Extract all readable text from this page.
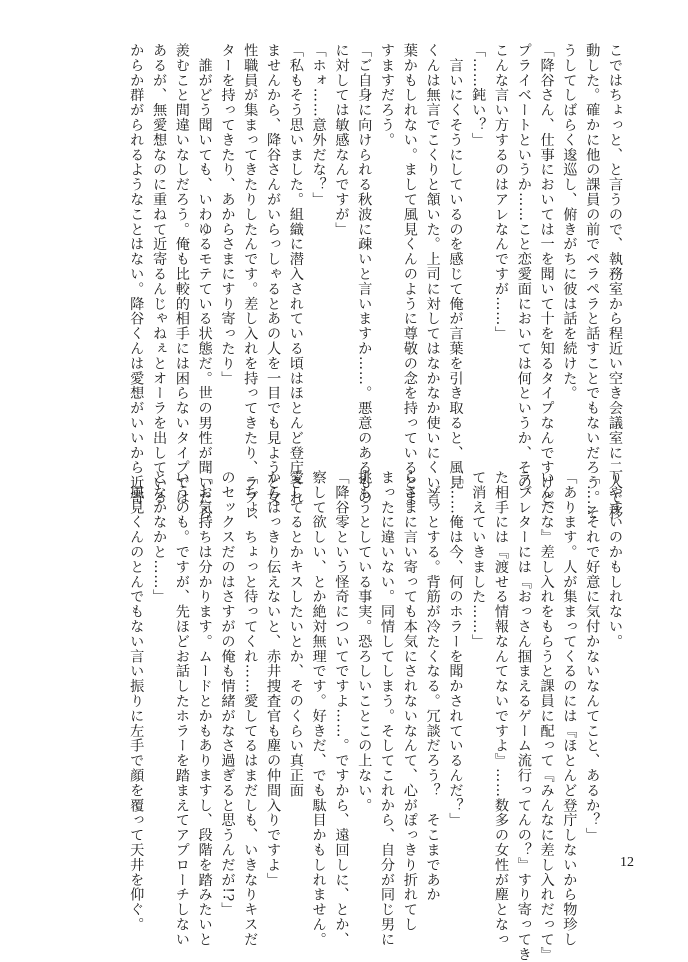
こではちょっと、と言うので、執務室から程近い空き会議室に二人で移
動した。確かに他の課員の前でペラペラと話すことでもないだろう。そ
うしてしばらく逡巡し、俯きがちに彼は話を続けた。
「降谷さん、仕事においては一を聞いて十を知るタイプなんですけど、
プライベートというか……こと恋愛面においては何というか、その、
こんな言い方するのはアレなんですが……」
「……鈍い？」
　言いにくそうにしているのを感じて俺が言葉を引き取ると、風見
くんは無言でこくりと頷いた。上司に対してはなかなか使いにくい言
葉かもしれない。まして風見くんのように尊敬の念を持っているとま
すますだろう。
「ご自身に向けられる秋波に疎いと言いますか……。悪意のあるもの
に対しては敏感なんですが」
「ホォ……意外だな？」
「私もそう思いました。組織に潜入されている頃はほとんど登庁され
ませんから、降谷さんがいらっしゃるとあの人を一目でも見ようと女
性職員が集まってきたりしたんです。差し入れを持ってきたり、ラブレ
ターを持ってきたり、あからさまにすり寄ったり」
　誰がどう聞いても、いわゆるモテている状態だ。世の男性が聞いたら
羨むこと間違いなしだろう。俺も比較的相手には困らないタイプでは
あるが、無愛想なのに重ねて近寄るんじゃねぇとオーラを出している
からか群がられるようなことはない。降谷くんは愛想がいいから近寄
りやすいのかもしれない。
「……それで好意に気付かないなんてこと、あるか？」
「あります。人が集まってくるのには『ほとんど登庁しないから物珍し
いんだな』差し入れをもらうと課員に配って『みんなに差し入れだって』
ラブレターには『おっさん掴まえるゲーム流行ってんの？』すり寄ってき
た相手には『渡せる情報なんてないですよ』……数多の女性が塵となっ
て消えていきました……」
「……俺は今、何のホラーを聞かされているんだ？」
　ゾッとする。背筋が冷たくなる。冗談だろう？　そこまであか
らさまに言い寄っても本気にされないなんて、心がぽっきり折れてし
まったに違いない。同情してしまう。そしてこれから、自分が同じ男に
挑もうとしている事実。恐ろしいことこの上ない。
「降谷零という怪奇についてですよ……。ですから、遠回しに、とか、
察して欲しい、とか絶対無理です。好きだ、でも駄目かもしれません。
愛してるとかキスしたいとか、そのくらい真正面
からはっきり伝えないと、赤井捜査官も塵の仲間入りですよ」
「ちょ、ちょっと待ってくれ……愛してるはまだしも、いきなりキスだ
のセックスだのはさすがの俺も情緒がなさ過ぎると思うんだが!?」
「お気持ちは分かります。ムードとかもありますし、段階を踏みたいと
いうのも。ですが、先ほどお話したホラーを踏まえてアプローチしない
となかなかと……」
　風見くんのとんでもない言い振りに左手で顔を覆って天井を仰ぐ。	12
